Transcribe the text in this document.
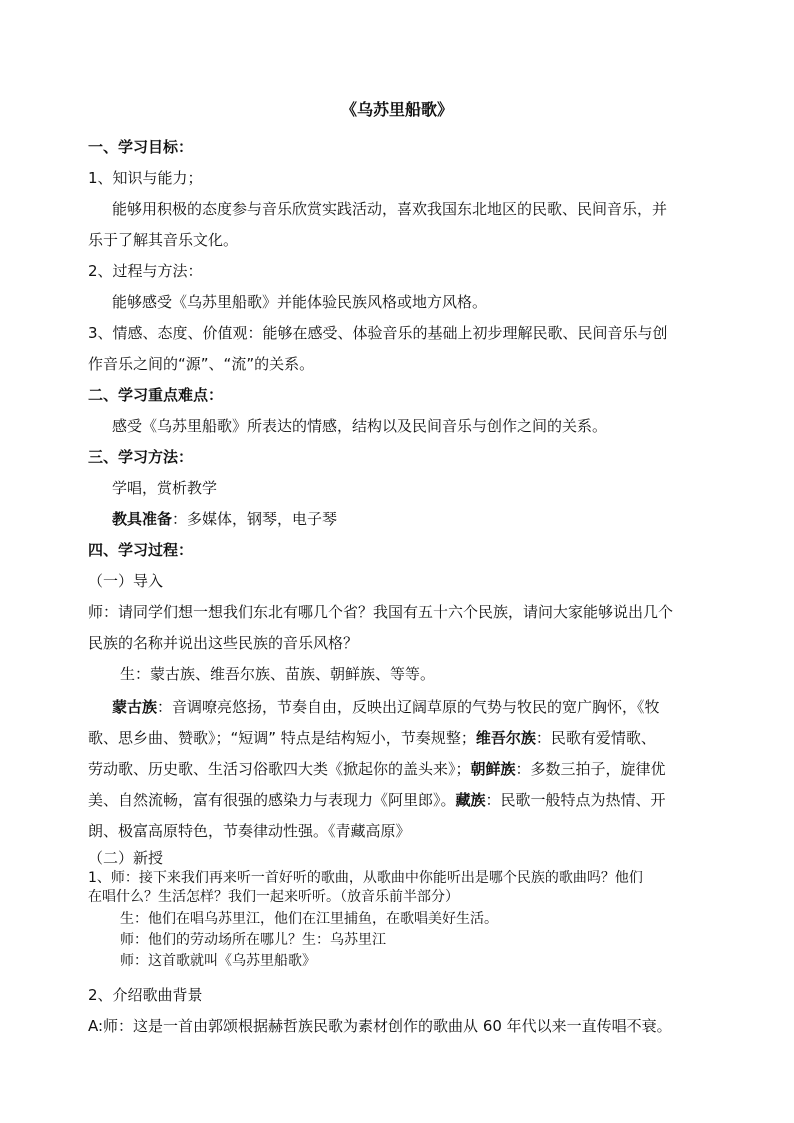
《乌苏里船歌》
一、学习目标：
1、知识与能力；
能够用积极的态度参与音乐欣赏实践活动，喜欢我国东北地区的民歌、民间音乐，并
乐于了解其音乐文化。
2、过程与方法：
能够感受《乌苏里船歌》并能体验民族风格或地方风格。
3、情感、态度、价值观：能够在感受、体验音乐的基础上初步理解民歌、民间音乐与创
作音乐之间的“源”、“流”的关系。
二、学习重点难点：
感受《乌苏里船歌》所表达的情感，结构以及民间音乐与创作之间的关系。
三、学习方法：
学唱，赏析教学
教具准备：多媒体，钢琴，电子琴
四、学习过程：
（一）导入
师：请同学们想一想我们东北有哪几个省？我国有五十六个民族，请问大家能够说出几个
民族的名称并说出这些民族的音乐风格？
生：蒙古族、维吾尔族、苗族、朝鲜族、等等。
蒙古族：音调嘹亮悠扬，节奏自由，反映出辽阔草原的气势与牧民的宽广胸怀，《牧
歌、思乡曲、赞歌》；“短调” 特点是结构短小，节奏规整；维吾尔族：民歌有爱情歌、
劳动歌、历史歌、生活习俗歌四大类《掀起你的盖头来》；朝鲜族：多数三拍子，旋律优
美、自然流畅，富有很强的感染力与表现力《阿里郎》。藏族：民歌一般特点为热情、开
朗、极富高原特色，节奏律动性强。《青藏高原》
（二）新授
1、师：接下来我们再来听一首好听的歌曲，从歌曲中你能听出是哪个民族的歌曲吗？他们
在唱什么？生活怎样？我们一起来听听。（放音乐前半部分）
生：他们在唱乌苏里江，他们在江里捕鱼，在歌唱美好生活。
师：他们的劳动场所在哪儿？生：乌苏里江
师：这首歌就叫《乌苏里船歌》
2、介绍歌曲背景
A:师：这是一首由郭颂根据赫哲族民歌为素材创作的歌曲从 60 年代以来一直传唱不衰。
